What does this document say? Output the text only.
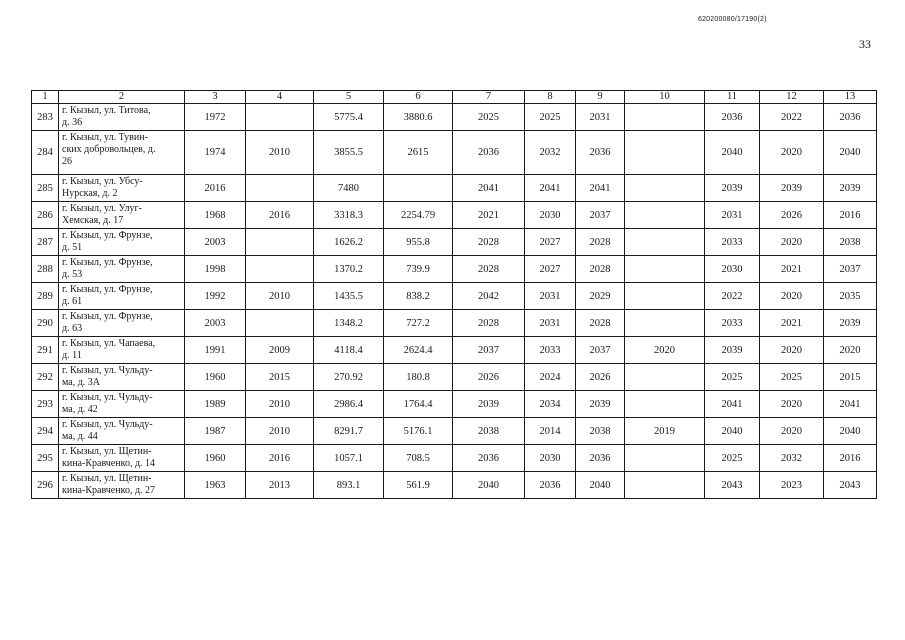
620200080/17190(2)
33
1	2	3	4	5	6	7	8	9	10	11	12	13
283	г. Кызыл, ул. Титова,
д. 36	1972		5775.4	3880.6	2025	2025	2031		2036	2022	2036
284	г. Кызыл, ул. Тувин-
ских добровольцев, д.
26	1974	2010	3855.5	2615	2036	2032	2036		2040	2020	2040
285	г. Кызыл, ул. Убсу-
Нурская, д. 2	2016		7480		2041	2041	2041		2039	2039	2039
286	г. Кызыл, ул. Улуг-
Хемская, д. 17	1968	2016	3318.3	2254.79	2021	2030	2037		2031	2026	2016
287	г. Кызыл, ул. Фрунзе,
д. 51	2003		1626.2	955.8	2028	2027	2028		2033	2020	2038
288	г. Кызыл, ул. Фрунзе,
д. 53	1998		1370.2	739.9	2028	2027	2028		2030	2021	2037
289	г. Кызыл, ул. Фрунзе,
д. 61	1992	2010	1435.5	838.2	2042	2031	2029		2022	2020	2035
290	г. Кызыл, ул. Фрунзе,
д. 63	2003		1348.2	727.2	2028	2031	2028		2033	2021	2039
291	г. Кызыл, ул. Чапаева,
д. 11	1991	2009	4118.4	2624.4	2037	2033	2037	2020	2039	2020	2020
292	г. Кызыл, ул. Чульду-
ма, д. 3А	1960	2015	270.92	180.8	2026	2024	2026		2025	2025	2015
293	г. Кызыл, ул. Чульду-
ма, д. 42	1989	2010	2986.4	1764.4	2039	2034	2039		2041	2020	2041
294	г. Кызыл, ул. Чульду-
ма, д. 44	1987	2010	8291.7	5176.1	2038	2014	2038	2019	2040	2020	2040
295	г. Кызыл, ул. Щетин-
кина-Кравченко, д. 14	1960	2016	1057.1	708.5	2036	2030	2036		2025	2032	2016
296	г. Кызыл, ул. Щетин-
кина-Кравченко, д. 27	1963	2013	893.1	561.9	2040	2036	2040		2043	2023	2043
